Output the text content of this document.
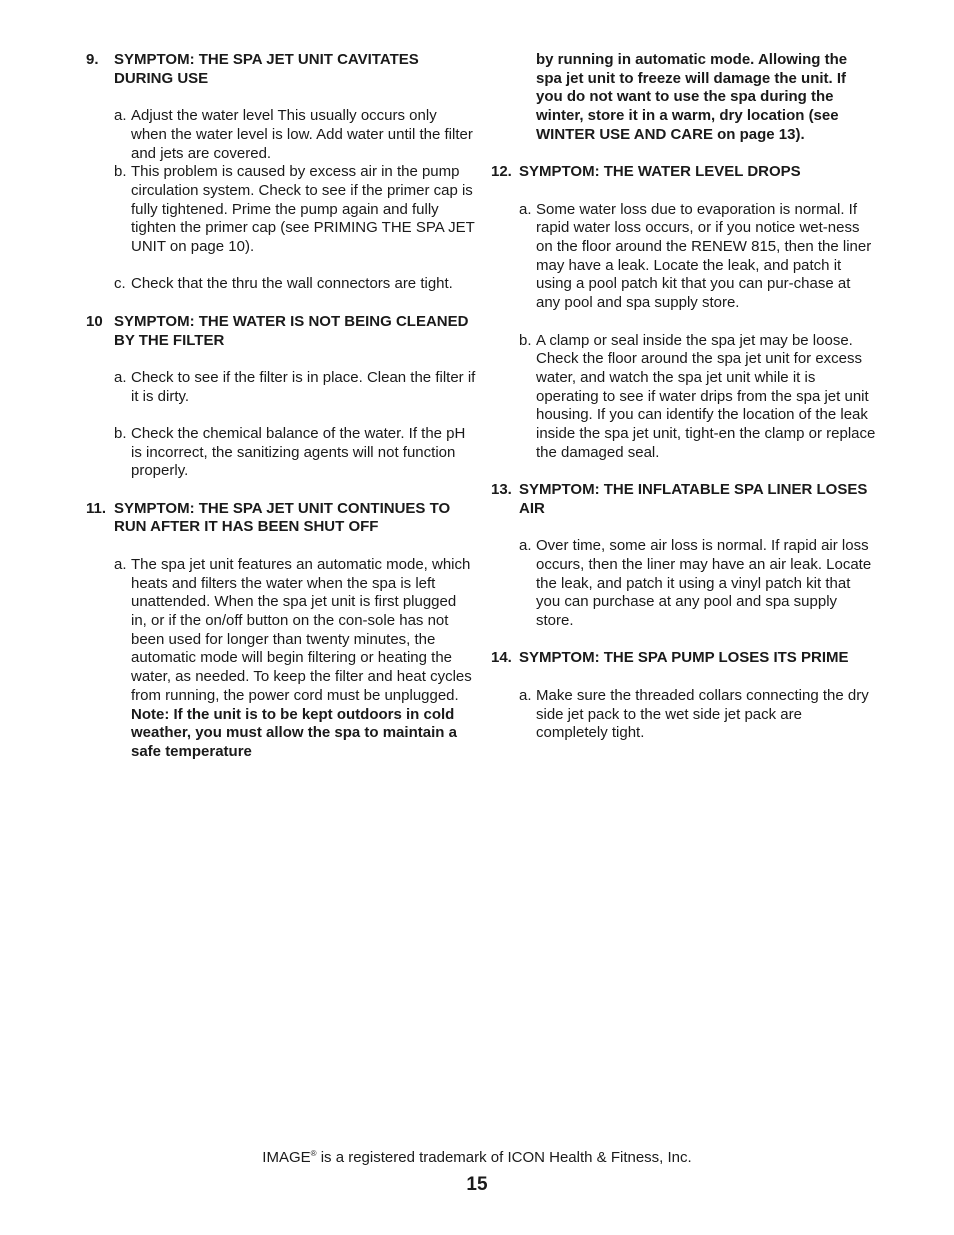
9.	SYMPTOM: THE SPA JET UNIT CAVITATES DURING USE
a. Adjust the water level This usually occurs only when the water level is low. Add water until the filter and jets are covered.
b. This problem is caused by excess air in the pump circulation system. Check to see if the primer cap is fully tightened. Prime the pump again and fully tighten the primer cap (see PRIMING THE SPA JET UNIT on page 10).
c. Check that the thru the wall connectors are tight.
10 SYMPTOM: THE WATER IS NOT BEING CLEANED BY THE FILTER
a. Check to see if the filter is in place. Clean the filter if it is dirty.
b. Check the chemical balance of the water. If the pH is incorrect, the sanitizing agents will not function properly.
11. SYMPTOM: THE SPA JET UNIT CONTINUES TO RUN AFTER IT HAS BEEN SHUT OFF
a. The spa jet unit features an automatic mode, which heats and filters the water when the spa is left unattended. When the spa jet unit is first plugged in, or if the on/off button on the con-sole has not been used for longer than twenty minutes, the automatic mode will begin filtering or heating the water, as needed. To keep the filter and heat cycles from running, the power cord must be unplugged. Note: If the unit is to be kept outdoors in cold weather, you must allow the spa to maintain a safe temperature
by running in automatic mode. Allowing the spa jet unit to freeze will damage the unit. If you do not want to use the spa during the winter, store it in a warm, dry location (see WINTER USE AND CARE on page 13).
12. SYMPTOM: THE WATER LEVEL DROPS
a. Some water loss due to evaporation is normal. If rapid water loss occurs, or if you notice wet-ness on the floor around the RENEW 815, then the liner may have a leak. Locate the leak, and patch it using a pool patch kit that you can pur-chase at any pool and spa supply store.
b. A clamp or seal inside the spa jet may be loose. Check the floor around the spa jet unit for excess water, and watch the spa jet unit while it is operating to see if water drips from the spa jet unit housing. If you can identify the location of the leak inside the spa jet unit, tight-en the clamp or replace the damaged seal.
13. SYMPTOM: THE INFLATABLE SPA LINER LOSES AIR
a. Over time, some air loss is normal. If rapid air loss occurs, then the liner may have an air leak. Locate the leak, and patch it using a vinyl patch kit that you can purchase at any pool and spa supply store.
14. SYMPTOM: THE SPA PUMP LOSES ITS PRIME
a. Make sure the threaded collars connecting the dry side jet pack to the wet side jet pack are completely tight.
IMAGE® is a registered trademark of ICON Health & Fitness, Inc.
15
